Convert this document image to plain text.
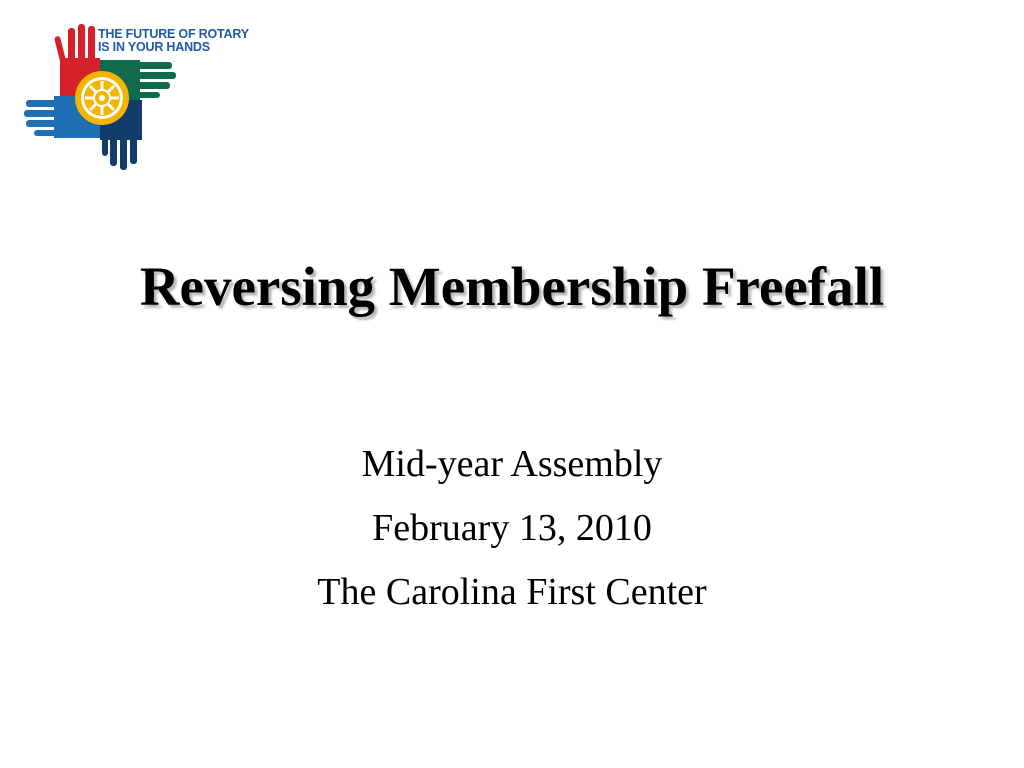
THE FUTURE OF ROTARY
IS IN YOUR HANDS
Reversing Membership Freefall
Mid-year Assembly
February 13, 2010
The Carolina First Center
